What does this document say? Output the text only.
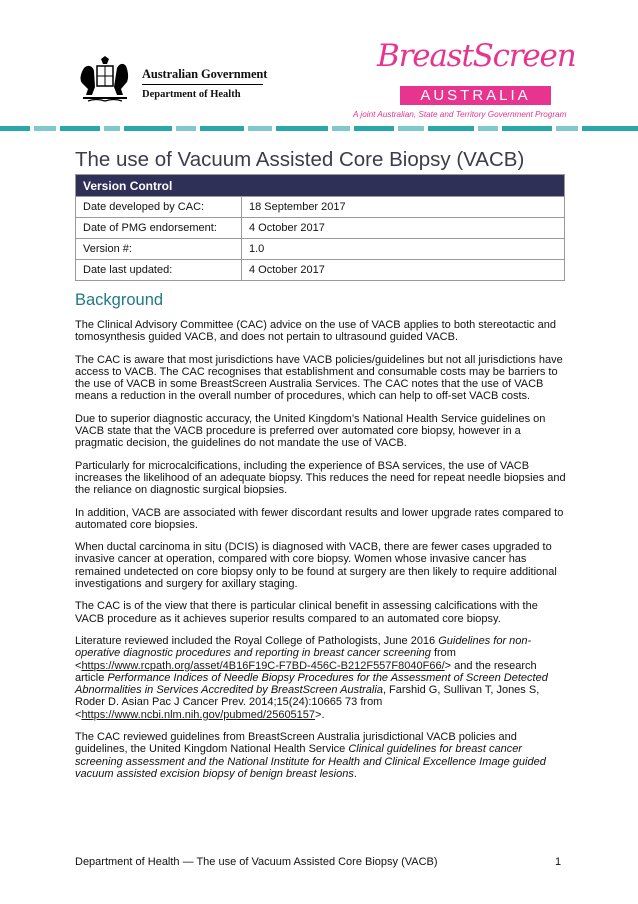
Australian Government
Department of Health
BreastScreen
AUSTRALIA
A joint Australian, State and Territory Government Program
The use of Vacuum Assisted Core Biopsy (VACB)
Version Control	
Date developed by CAC:	18 September 2017
Date of PMG endorsement:	4 October 2017
Version #:	1.0
Date last updated:	4 October 2017
Background

The Clinical Advisory Committee (CAC) advice on the use of VACB applies to both stereotactic and tomosynthesis guided VACB, and does not pertain to ultrasound guided VACB.

The CAC is aware that most jurisdictions have VACB policies/guidelines but not all jurisdictions have access to VACB. The CAC recognises that establishment and consumable costs may be barriers to the use of VACB in some BreastScreen Australia Services. The CAC notes that the use of VACB means a reduction in the overall number of procedures, which can help to off-set VACB costs.

Due to superior diagnostic accuracy, the United Kingdom’s National Health Service guidelines on VACB state that the VACB procedure is preferred over automated core biopsy, however in a pragmatic decision, the guidelines do not mandate the use of VACB.

Particularly for microcalcifications, including the experience of BSA services, the use of VACB increases the likelihood of an adequate biopsy. This reduces the need for repeat needle biopsies and the reliance on diagnostic surgical biopsies.

In addition, VACB are associated with fewer discordant results and lower upgrade rates compared to automated core biopsies.

When ductal carcinoma in situ (DCIS) is diagnosed with VACB, there are fewer cases upgraded to invasive cancer at operation, compared with core biopsy. Women whose invasive cancer has remained undetected on core biopsy only to be found at surgery are then likely to require additional investigations and surgery for axillary staging.

The CAC is of the view that there is particular clinical benefit in assessing calcifications with the VACB procedure as it achieves superior results compared to an automated core biopsy.

Literature reviewed included the Royal College of Pathologists, June 2016 Guidelines for non-operative diagnostic procedures and reporting in breast cancer screening from <https://www.rcpath.org/asset/4B16F19C-F7BD-456C-B212F557F8040F66/> and the research article Performance Indices of Needle Biopsy Procedures for the Assessment of Screen Detected Abnormalities in Services Accredited by BreastScreen Australia, Farshid G, Sullivan T, Jones S, Roder D. Asian Pac J Cancer Prev. 2014;15(24):10665 73 from <https://www.ncbi.nlm.nih.gov/pubmed/25605157>.

The CAC reviewed guidelines from BreastScreen Australia jurisdictional VACB policies and guidelines, the United Kingdom National Health Service Clinical guidelines for breast cancer screening assessment and the National Institute for Health and Clinical Excellence Image guided vacuum assisted excision biopsy of benign breast lesions.

Department of Health — The use of Vacuum Assisted Core Biopsy (VACB)	1
